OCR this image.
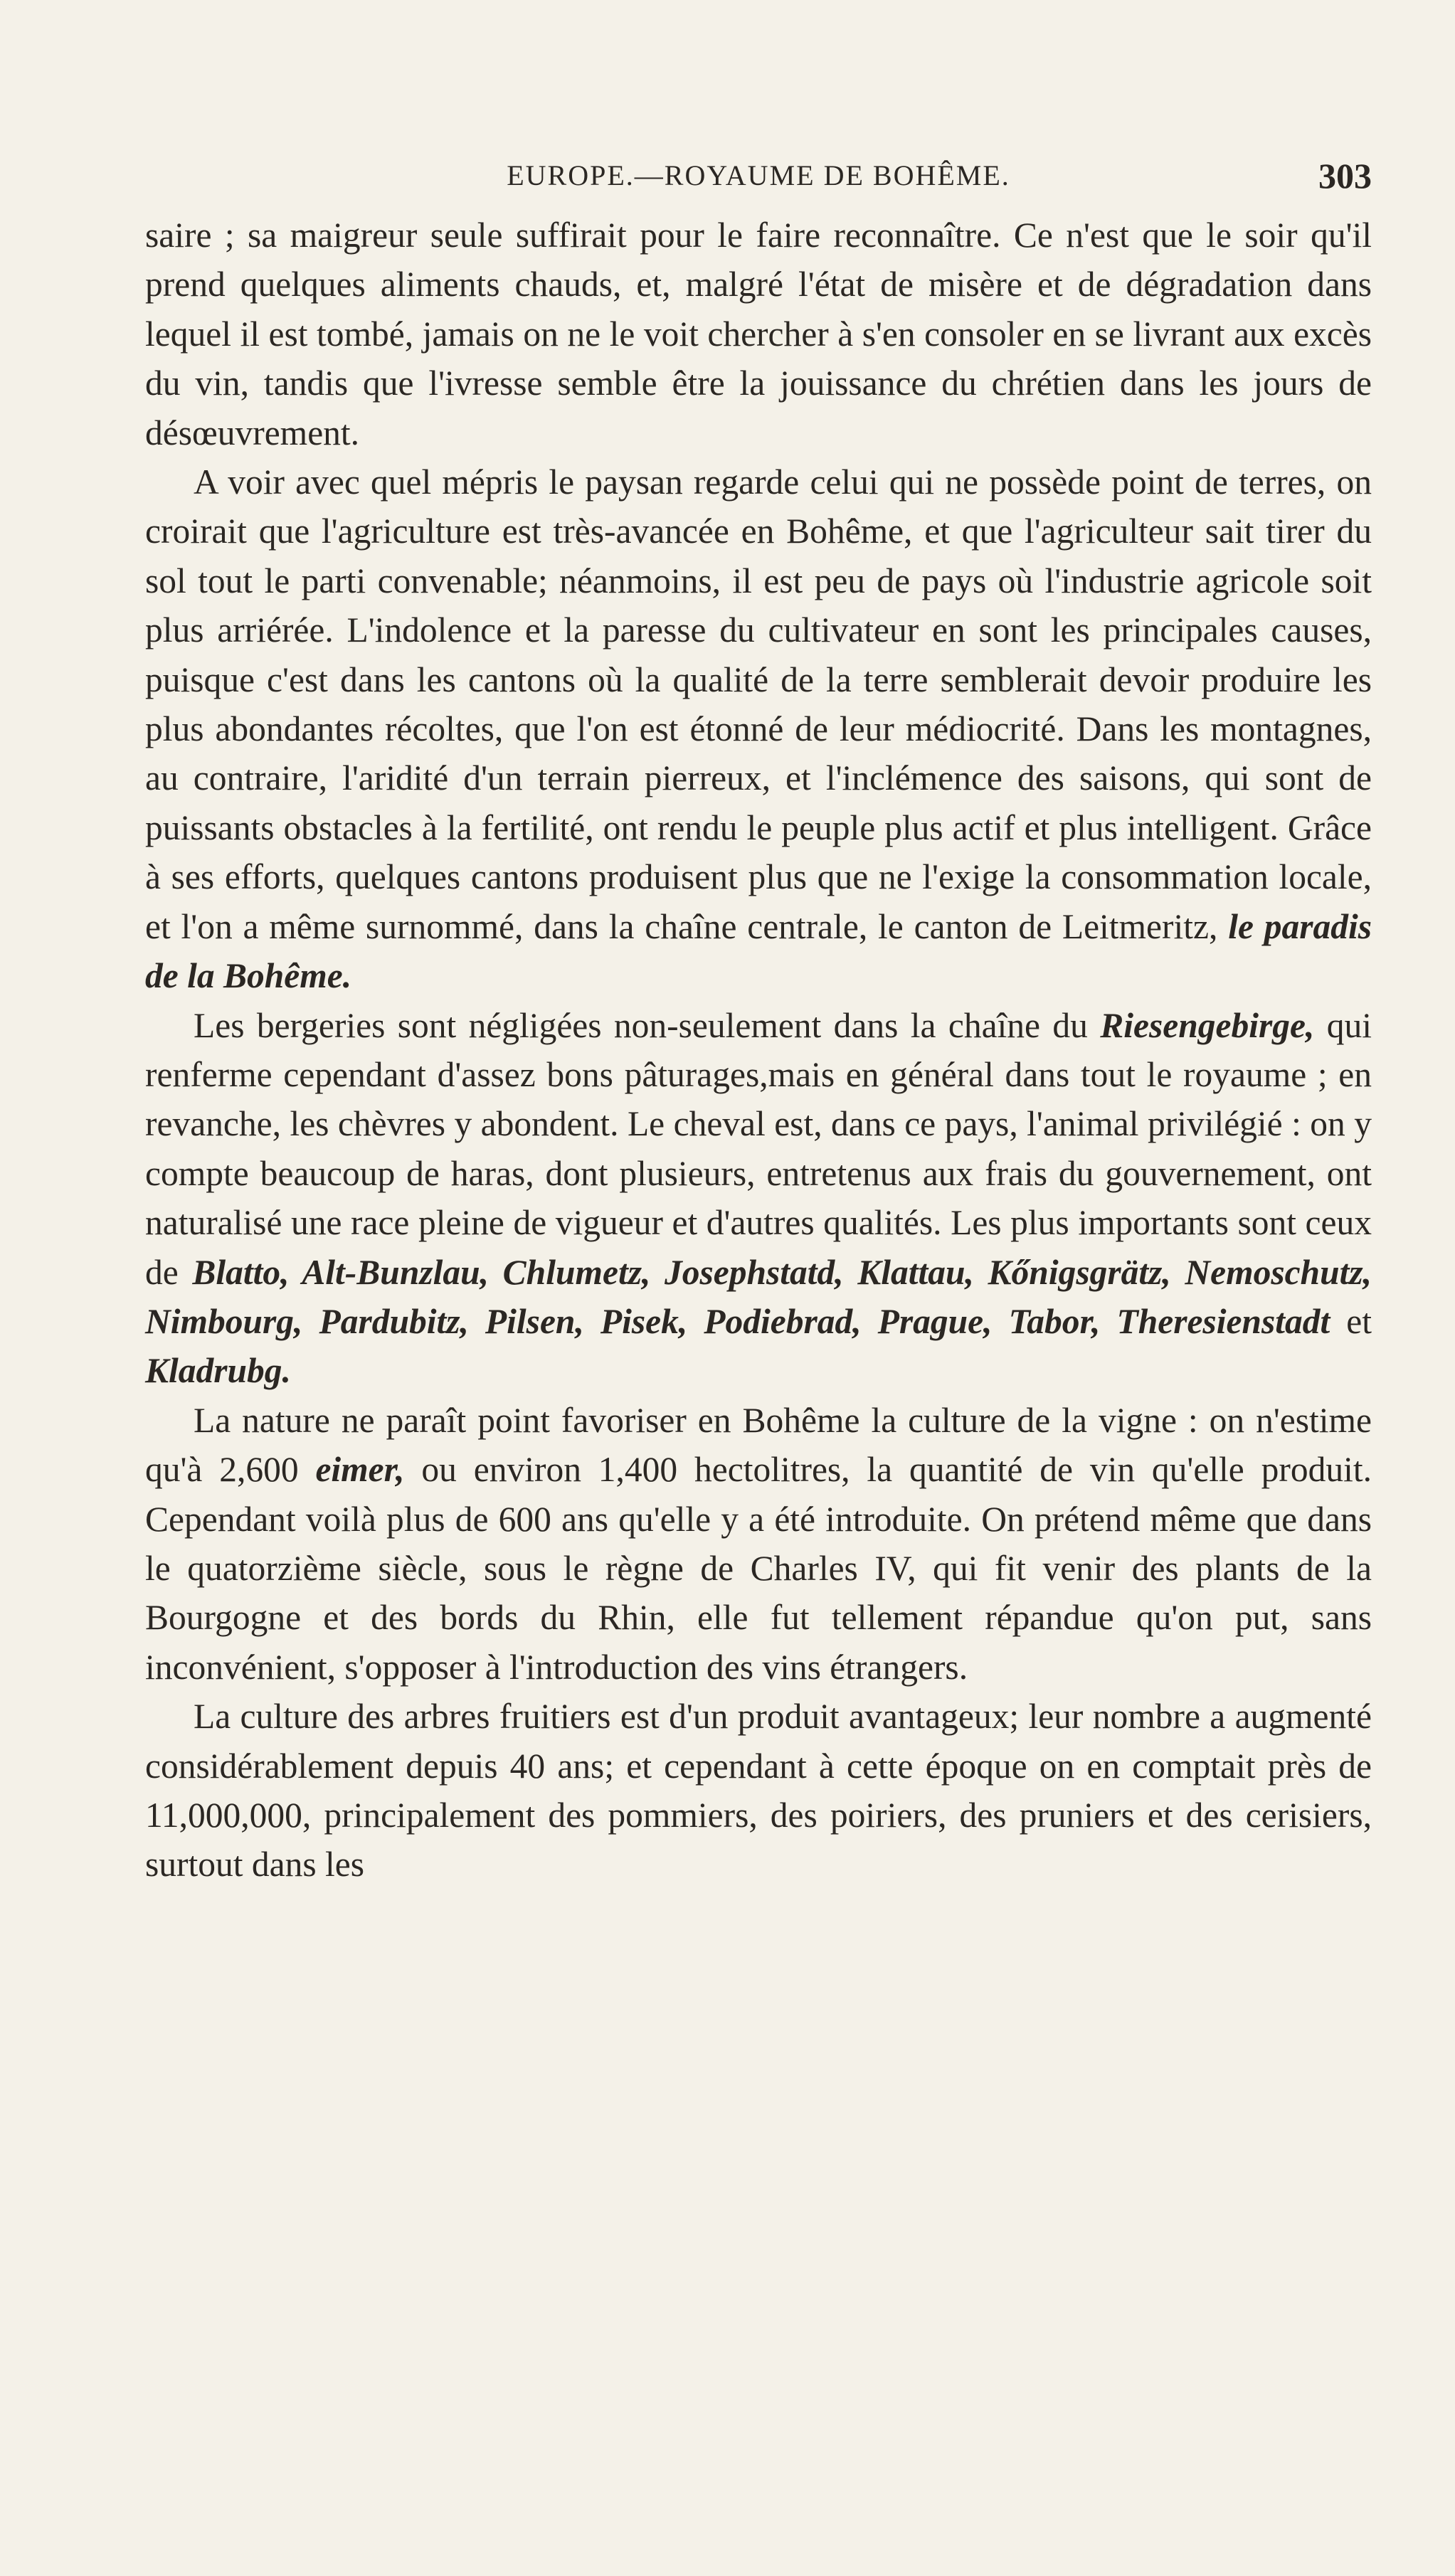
EUROPE.—ROYAUME DE BOHÊME.	303

saire ; sa maigreur seule suffirait pour le faire reconnaître. Ce n'est que le soir qu'il prend quelques aliments chauds, et, malgré l'état de misère et de dégradation dans lequel il est tombé, jamais on ne le voit chercher à s'en consoler en se livrant aux excès du vin, tandis que l'ivresse semble être la jouissance du chrétien dans les jours de désœuvrement.

A voir avec quel mépris le paysan regarde celui qui ne possède point de terres, on croirait que l'agriculture est très-avancée en Bohême, et que l'agriculteur sait tirer du sol tout le parti convenable; néanmoins, il est peu de pays où l'industrie agricole soit plus arriérée. L'indolence et la paresse du cultivateur en sont les principales causes, puisque c'est dans les cantons où la qualité de la terre semblerait devoir produire les plus abondantes récoltes, que l'on est étonné de leur médiocrité. Dans les montagnes, au contraire, l'aridité d'un terrain pierreux, et l'inclémence des saisons, qui sont de puissants obstacles à la fertilité, ont rendu le peuple plus actif et plus intelligent. Grâce à ses efforts, quelques cantons produisent plus que ne l'exige la consommation locale, et l'on a même surnommé, dans la chaîne centrale, le canton de Leitmeritz, le paradis de la Bohême.

Les bergeries sont négligées non-seulement dans la chaîne du Riesengebirge, qui renferme cependant d'assez bons pâturages,mais en général dans tout le royaume ; en revanche, les chèvres y abondent. Le cheval est, dans ce pays, l'animal privilégié : on y compte beaucoup de haras, dont plusieurs, entretenus aux frais du gouvernement, ont naturalisé une race pleine de vigueur et d'autres qualités. Les plus importants sont ceux de Blatto, Alt-Bunzlau, Chlumetz, Josephstatd, Klattau, Kőnigsgrätz, Nemoschutz, Nimbourg, Pardubitz, Pilsen, Pisek, Podiebrad, Prague, Tabor, Theresienstadt et Kladrubg.

La nature ne paraît point favoriser en Bohême la culture de la vigne : on n'estime qu'à 2,600 eimer, ou environ 1,400 hectolitres, la quantité de vin qu'elle produit. Cependant voilà plus de 600 ans qu'elle y a été introduite. On prétend même que dans le quatorzième siècle, sous le règne de Charles IV, qui fit venir des plants de la Bourgogne et des bords du Rhin, elle fut tellement répandue qu'on put, sans inconvénient, s'opposer à l'introduction des vins étrangers.

La culture des arbres fruitiers est d'un produit avantageux; leur nombre a augmenté considérablement depuis 40 ans; et cependant à cette époque on en comptait près de 11,000,000, principalement des pommiers, des poiriers, des pruniers et des cerisiers, surtout dans les
